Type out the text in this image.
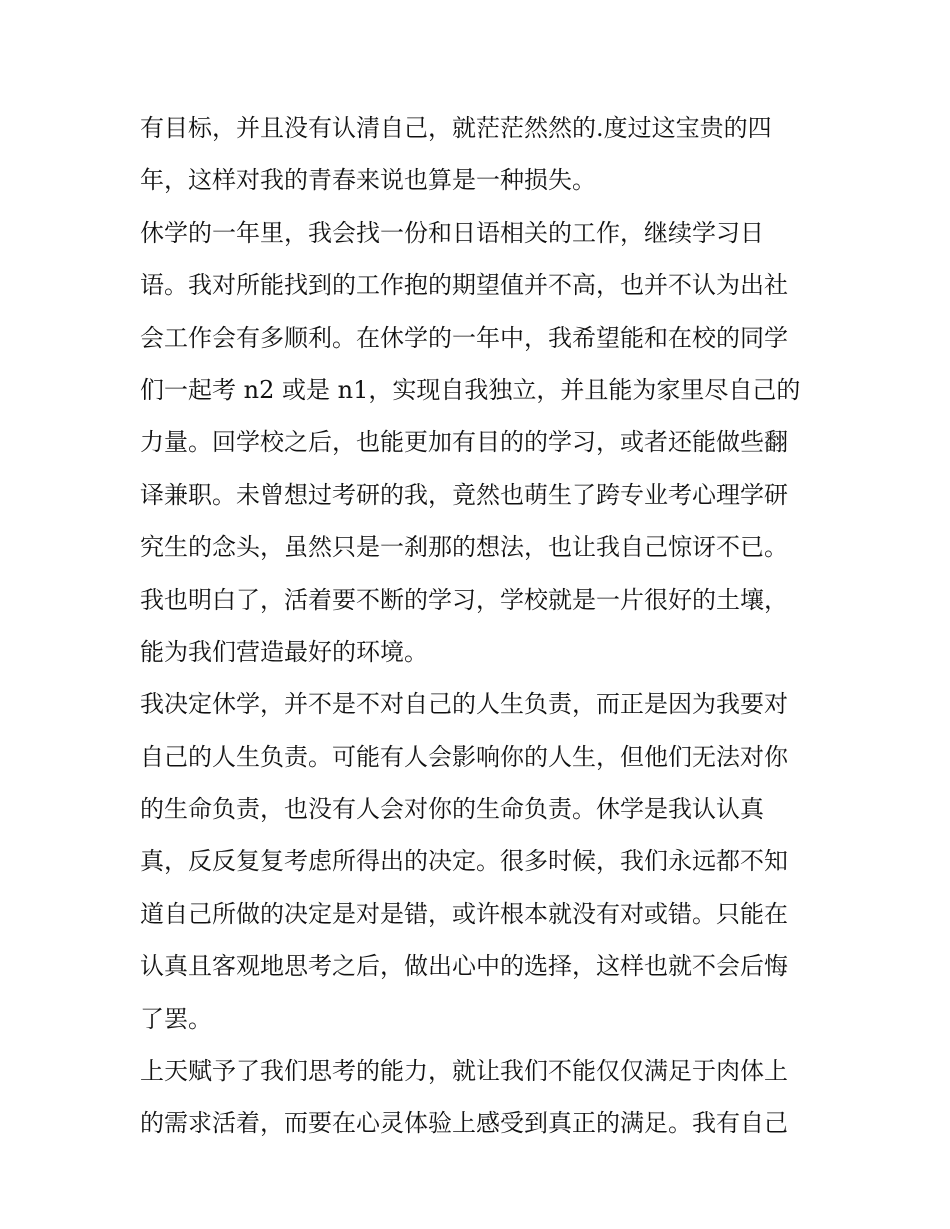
有目标，并且没有认清自己，就茫茫然然的.度过这宝贵的四
年，这样对我的青春来说也算是一种损失。
休学的一年里，我会找一份和日语相关的工作，继续学习日
语。我对所能找到的工作抱的期望值并不高，也并不认为出社
会工作会有多顺利。在休学的一年中，我希望能和在校的同学
们一起考 n2 或是 n1，实现自我独立，并且能为家里尽自己的
力量。回学校之后，也能更加有目的的学习，或者还能做些翻
译兼职。未曾想过考研的我，竟然也萌生了跨专业考心理学研
究生的念头，虽然只是一刹那的想法，也让我自己惊讶不已。
我也明白了，活着要不断的学习，学校就是一片很好的土壤，
能为我们营造最好的环境。
我决定休学，并不是不对自己的人生负责，而正是因为我要对
自己的人生负责。可能有人会影响你的人生，但他们无法对你
的生命负责，也没有人会对你的生命负责。休学是我认认真
真，反反复复考虑所得出的决定。很多时候，我们永远都不知
道自己所做的决定是对是错，或许根本就没有对或错。只能在
认真且客观地思考之后，做出心中的选择，这样也就不会后悔
了罢。
上天赋予了我们思考的能力，就让我们不能仅仅满足于肉体上
的需求活着，而要在心灵体验上感受到真正的满足。我有自己
